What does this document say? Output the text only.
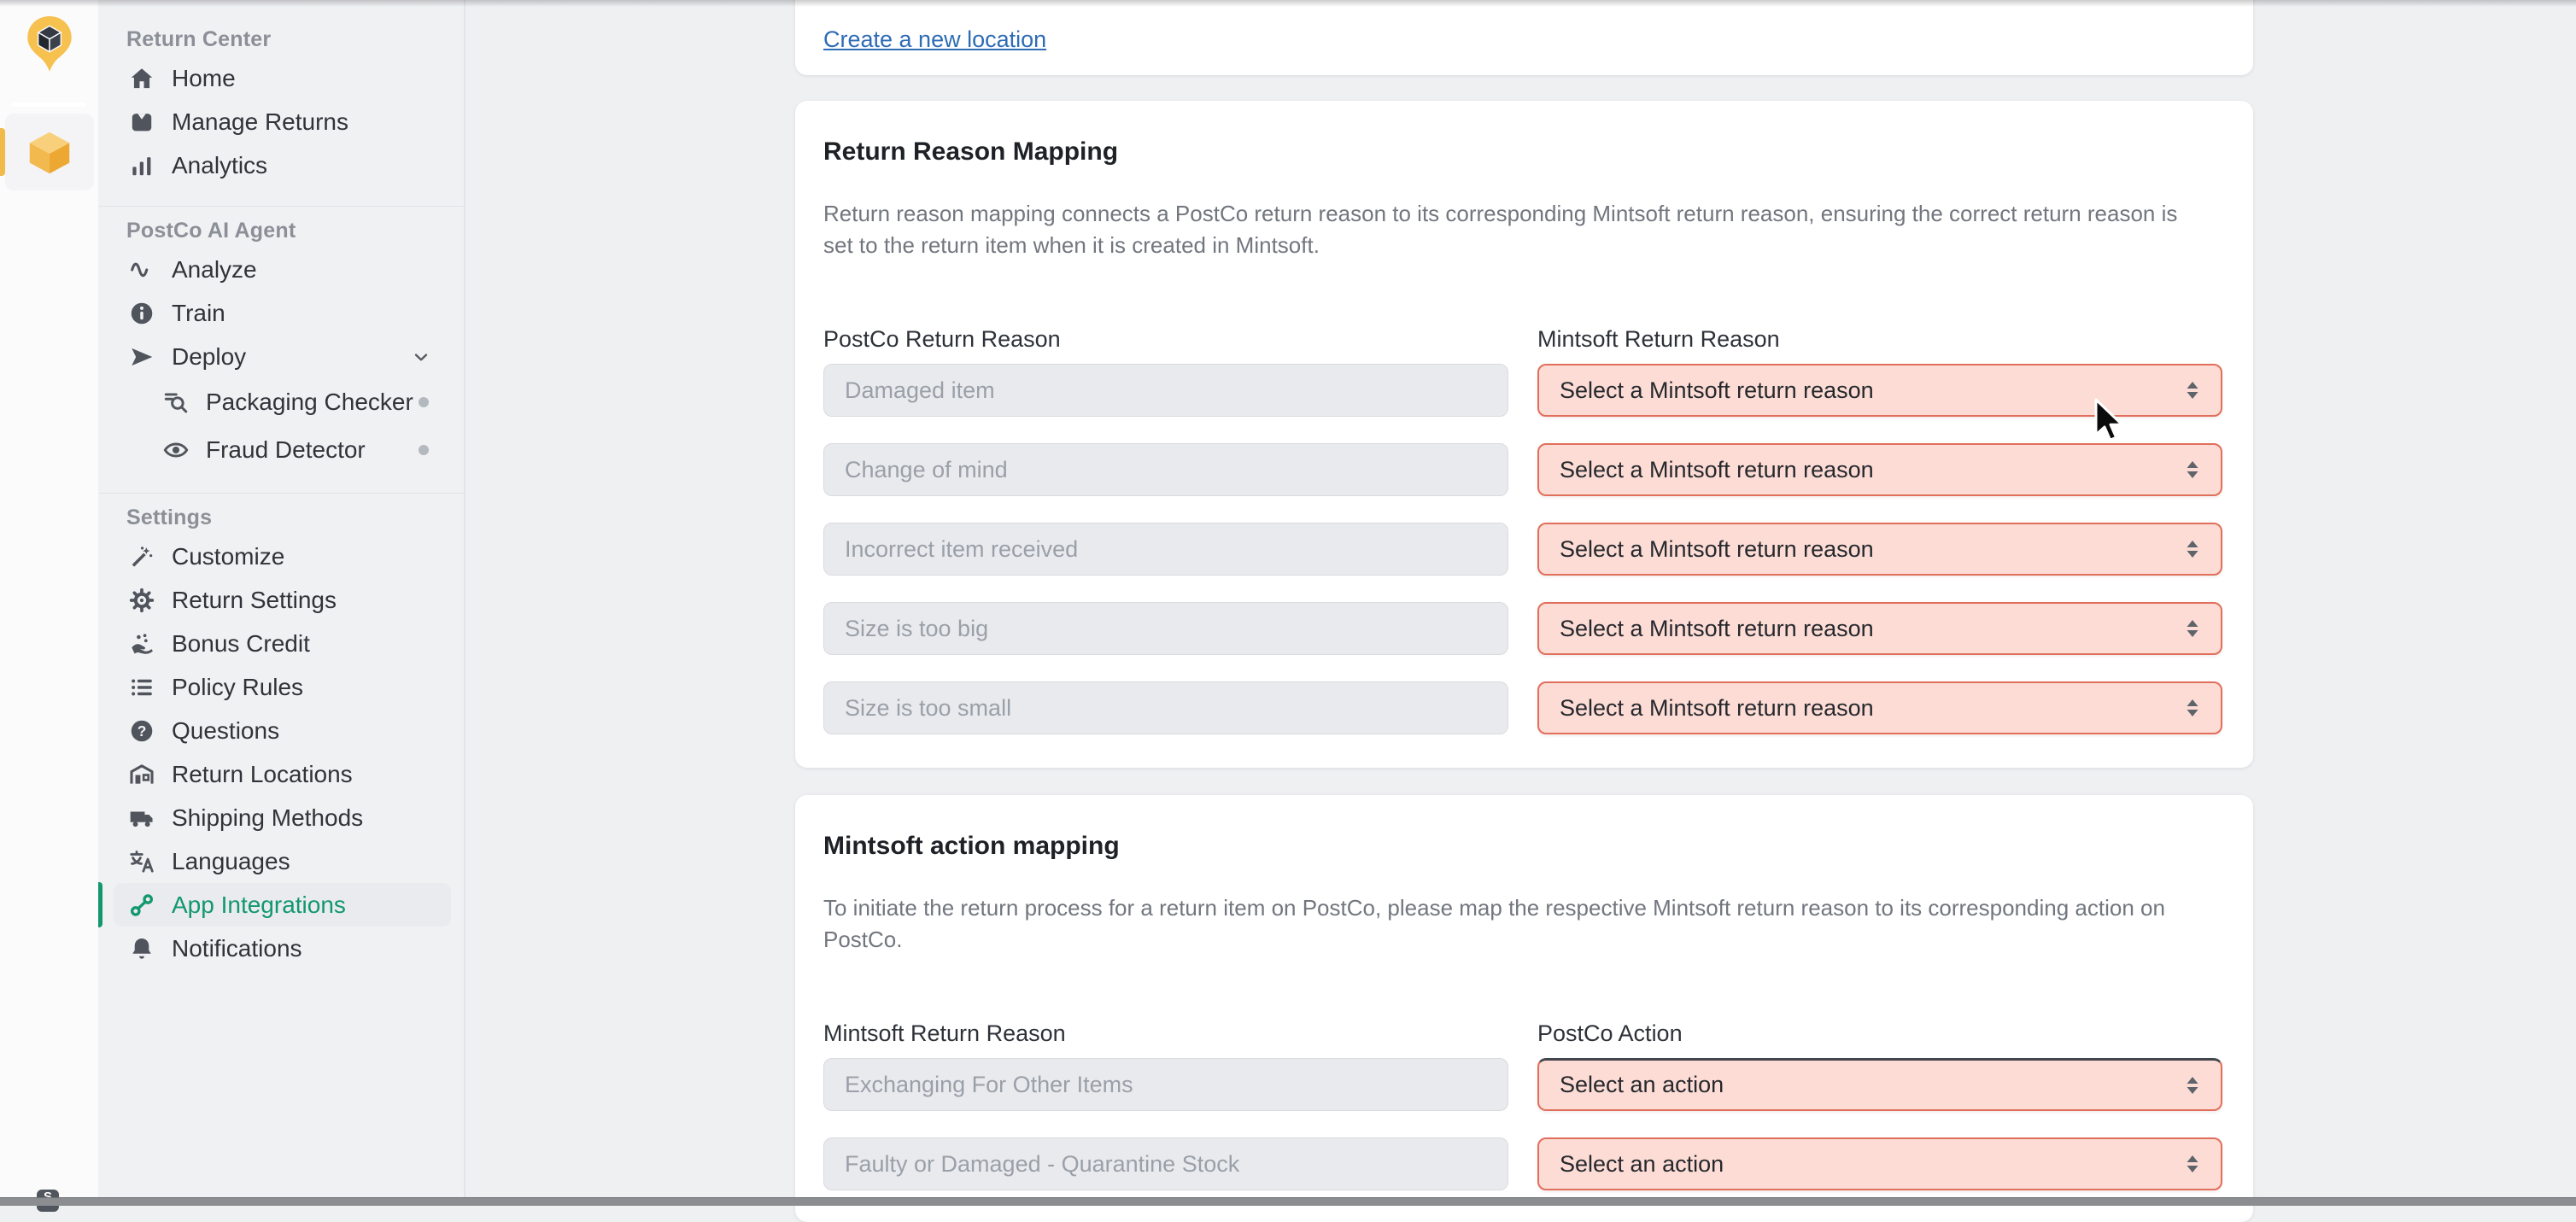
Return Center
Home
Manage Returns
Analytics
PostCo AI Agent
Analyze
Train
Deploy
Packaging Checker
Fraud Detector
Settings
Customize
Return Settings
Bonus Credit
Policy Rules
? Questions
Return Locations
Shipping Methods
Languages
App Integrations
Notifications
Create a new location
Return Reason Mapping

Return reason mapping connects a PostCo return reason to its corresponding Mintsoft return reason, ensuring the correct return reason is set to the return item when it is created in Mintsoft.

PostCo Return Reason	Mintsoft Return Reason
Damaged item	Select a Mintsoft return reason
Change of mind	Select a Mintsoft return reason
Incorrect item received	Select a Mintsoft return reason
Size is too big	Select a Mintsoft return reason
Size is too small	Select a Mintsoft return reason
Mintsoft action mapping

To initiate the return process for a return item on PostCo, please map the respective Mintsoft return reason to its corresponding action on PostCo.

Mintsoft Return Reason	PostCo Action
Exchanging For Other Items	Select an action
Faulty or Damaged - Quarantine Stock	Select an action
